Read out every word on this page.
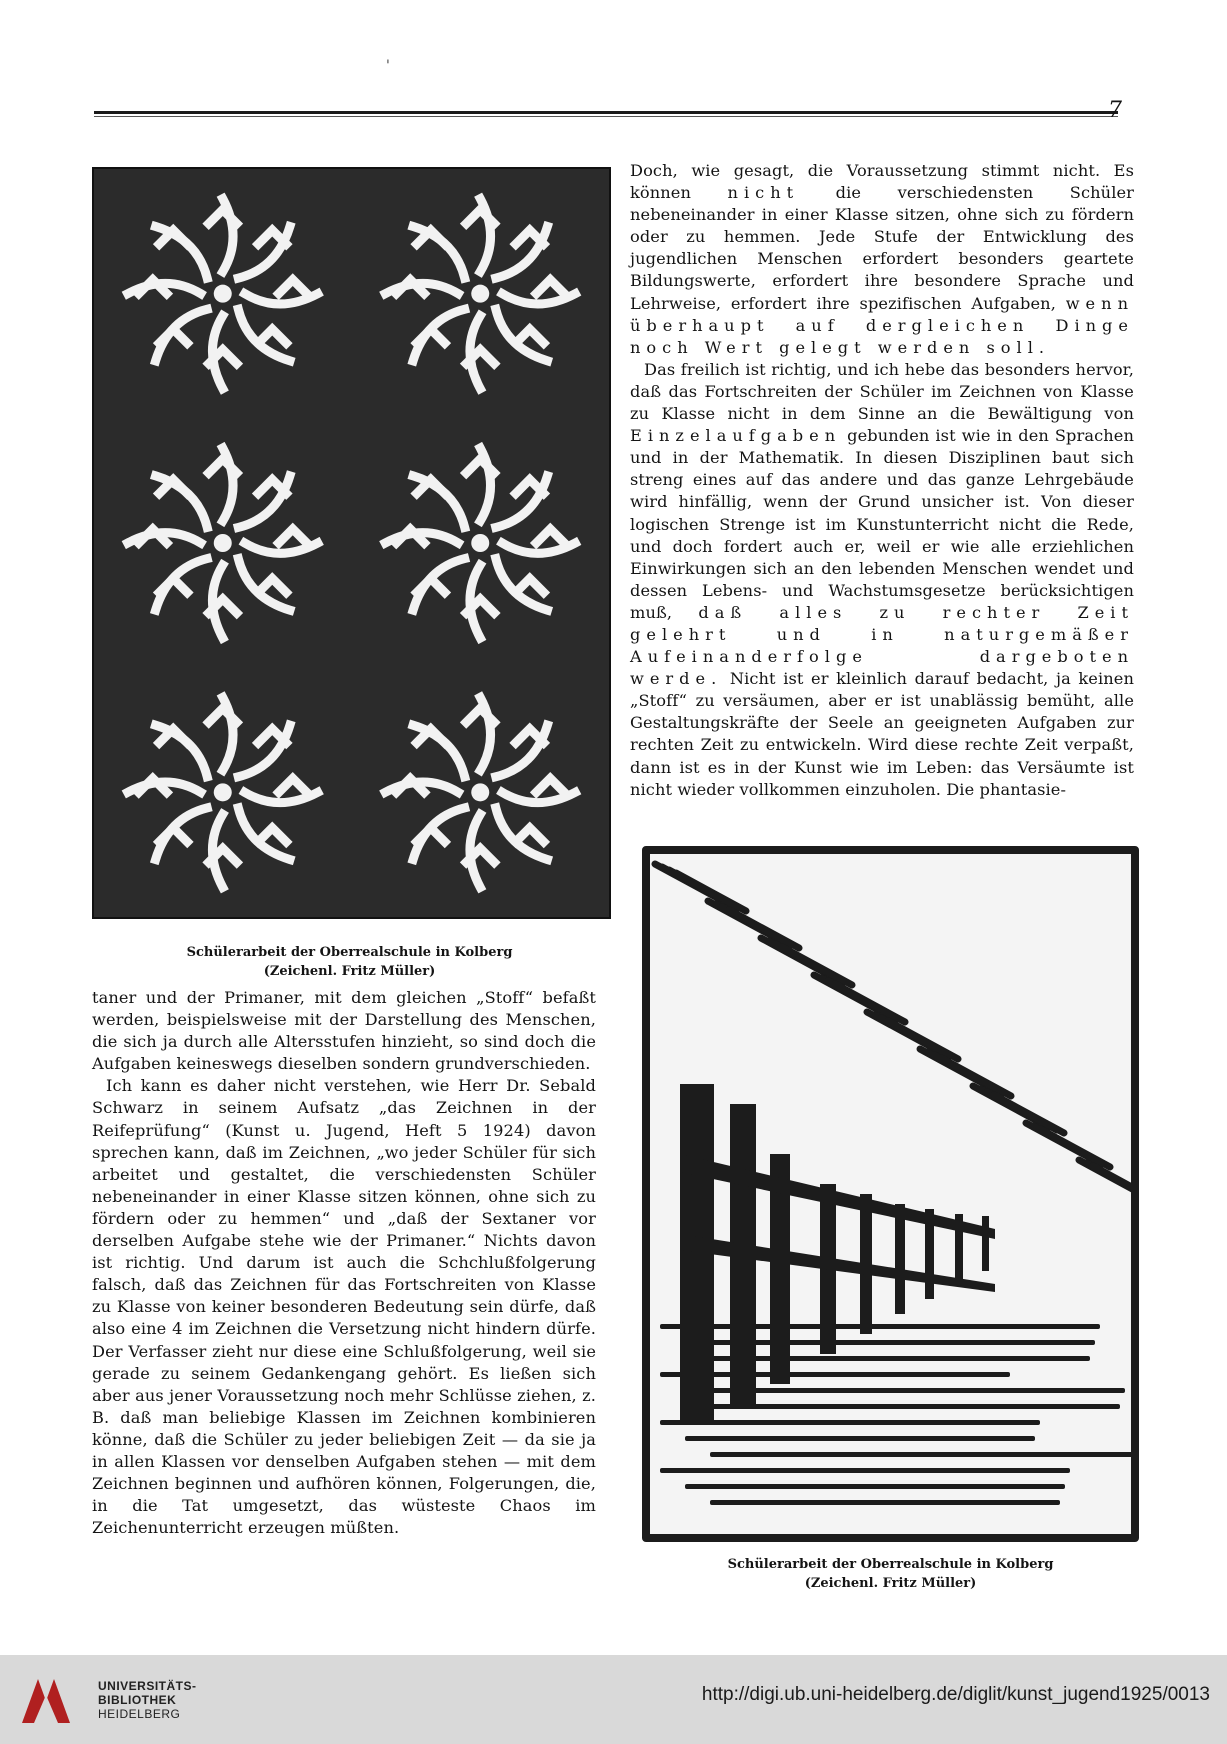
'
7
Schülerarbeit der Oberrealschule in Kolberg
(Zeichenl. Fritz Müller)

Doch, wie gesagt, die Voraussetzung stimmt nicht. Es können nicht die verschiedensten Schüler nebeneinander in einer Klasse sitzen, ohne sich zu fördern oder zu hemmen. Jede Stufe der Entwicklung des jugendlichen Menschen erfordert besonders geartete Bildungswerte, erfordert ihre besondere Sprache und Lehrweise, erfordert ihre spezifischen Aufgaben, wenn überhaupt auf dergleichen Dinge noch Wert gelegt werden soll.

Das freilich ist richtig, und ich hebe das besonders hervor, daß das Fortschreiten der Schüler im Zeichnen von Klasse zu Klasse nicht in dem Sinne an die Bewältigung von Einzelaufgaben gebunden ist wie in den Sprachen und in der Mathematik. In diesen Disziplinen baut sich streng eines auf das andere und das ganze Lehrgebäude wird hinfällig, wenn der Grund unsicher ist. Von dieser logischen Strenge ist im Kunstunterricht nicht die Rede, und doch fordert auch er, weil er wie alle erziehlichen Einwirkungen sich an den lebenden Menschen wendet und dessen Lebens- und Wachstumsgesetze berücksichtigen muß, daß alles zu rechter Zeit gelehrt und in naturgemäßer Aufeinanderfolge dargeboten werde. Nicht ist er kleinlich darauf bedacht, ja keinen „Stoff“ zu versäumen, aber er ist unablässig bemüht, alle Gestaltungskräfte der Seele an geeigneten Aufgaben zur rechten Zeit zu entwickeln. Wird diese rechte Zeit verpaßt, dann ist es in der Kunst wie im Leben: das Versäumte ist nicht wieder vollkommen einzuholen. Die phantasie-

Schülerarbeit der Oberrealschule in Kolberg
(Zeichenl. Fritz Müller)

taner und der Primaner, mit dem gleichen „Stoff“ befaßt werden, beispielsweise mit der Darstellung des Menschen, die sich ja durch alle Altersstufen hinzieht, so sind doch die Aufgaben keineswegs dieselben sondern grundverschieden.

Ich kann es daher nicht verstehen, wie Herr Dr. Sebald Schwarz in seinem Aufsatz „das Zeichnen in der Reifeprüfung“ (Kunst u. Jugend, Heft 5 1924) davon sprechen kann, daß im Zeichnen, „wo jeder Schüler für sich arbeitet und gestaltet, die verschiedensten Schüler nebeneinander in einer Klasse sitzen können, ohne sich zu fördern oder zu hemmen“ und „daß der Sextaner vor derselben Aufgabe stehe wie der Primaner.“ Nichts davon ist richtig. Und darum ist auch die Schchlußfolgerung falsch, daß das Zeichnen für das Fortschreiten von Klasse zu Klasse von keiner besonderen Bedeutung sein dürfe, daß also eine 4 im Zeichnen die Versetzung nicht hindern dürfe. Der Verfasser zieht nur diese eine Schlußfolgerung, weil sie gerade zu seinem Gedankengang gehört. Es ließen sich aber aus jener Voraussetzung noch mehr Schlüsse ziehen, z. B. daß man beliebige Klassen im Zeichnen kombinieren könne, daß die Schüler zu jeder beliebigen Zeit — da sie ja in allen Klassen vor denselben Aufgaben stehen — mit dem Zeichnen beginnen und aufhören können, Folgerungen, die, in die Tat umgesetzt, das wüsteste Chaos im Zeichenunterricht erzeugen müßten.

UNIVERSITÄTS-
BIBLIOTHEK
HEIDELBERG
http://digi.ub.uni-heidelberg.de/diglit/kunst_jugend1925/0013
